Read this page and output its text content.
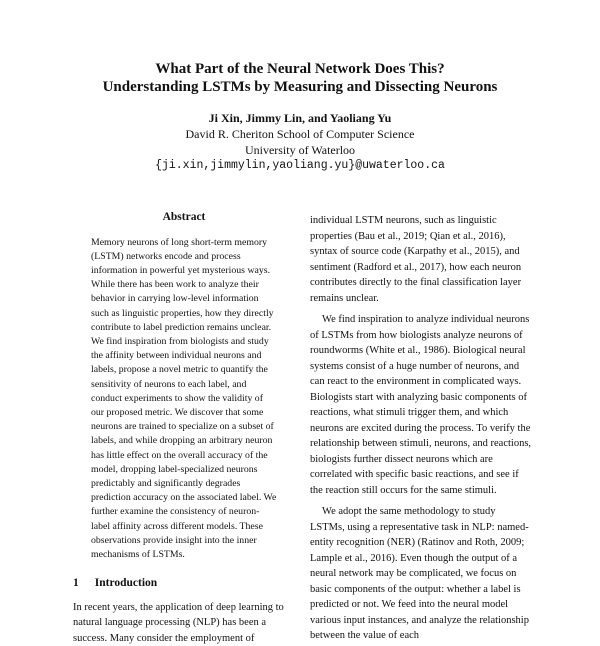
What Part of the Neural Network Does This?
Understanding LSTMs by Measuring and Dissecting Neurons
Ji Xin, Jimmy Lin, and Yaoliang Yu
David R. Cheriton School of Computer Science
University of Waterloo
{ji.xin,jimmylin,yaoliang.yu}@uwaterloo.ca
Abstract

Memory neurons of long short-term memory (LSTM) networks encode and process information in powerful yet mysterious ways. While there has been work to analyze their behavior in carrying low-level information such as linguistic properties, how they directly contribute to label prediction remains unclear. We find inspiration from biologists and study the affinity between individual neurons and labels, propose a novel metric to quantify the sensitivity of neurons to each label, and conduct experiments to show the validity of our proposed metric. We discover that some neurons are trained to specialize on a subset of labels, and while dropping an arbitrary neuron has little effect on the overall accuracy of the model, dropping label-specialized neurons predictably and significantly degrades prediction accuracy on the associated label. We further examine the consistency of neuron-label affinity across different models. These observations provide insight into the inner mechanisms of LSTMs.

1 Introduction

In recent years, the application of deep learning to natural language processing (NLP) has been a success. Many consider the employment of

individual LSTM neurons, such as linguistic properties (Bau et al., 2019; Qian et al., 2016), syntax of source code (Karpathy et al., 2015), and sentiment (Radford et al., 2017), how each neuron contributes directly to the final classification layer remains unclear.

We find inspiration to analyze individual neurons of LSTMs from how biologists analyze neurons of roundworms (White et al., 1986). Biological neural systems consist of a huge number of neurons, and can react to the environment in complicated ways. Biologists start with analyzing basic components of reactions, what stimuli trigger them, and which neurons are excited during the process. To verify the relationship between stimuli, neurons, and reactions, biologists further dissect neurons which are correlated with specific basic reactions, and see if the reaction still occurs for the same stimuli.

We adopt the same methodology to study LSTMs, using a representative task in NLP: named-entity recognition (NER) (Ratinov and Roth, 2009; Lample et al., 2016). Even though the output of a neural network may be complicated, we focus on basic components of the output: whether a label is predicted or not. We feed into the neural model various input instances, and analyze the relationship between the value of each
